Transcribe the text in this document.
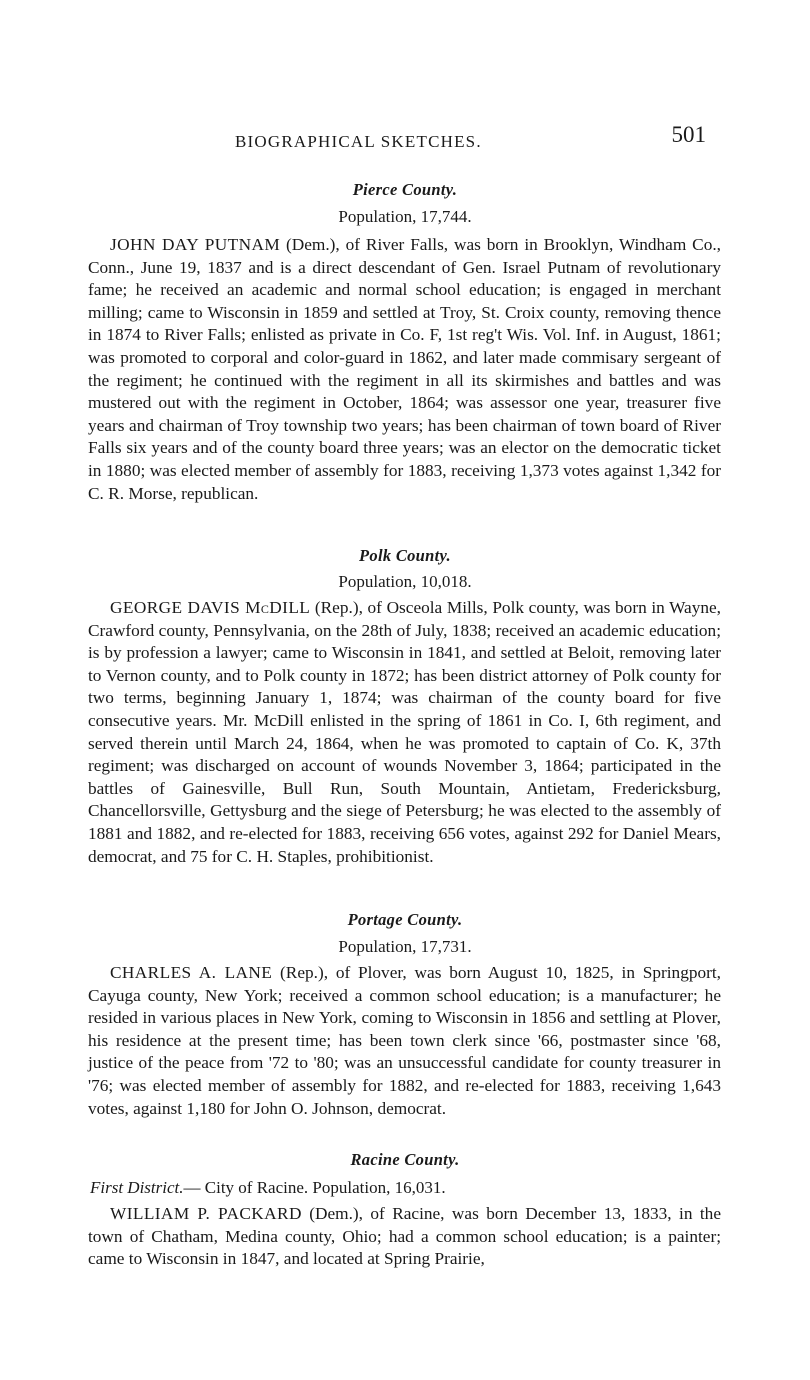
BIOGRAPHICAL SKETCHES.	501
Pierce County.
Population, 17,744.

JOHN DAY PUTNAM (Dem.), of River Falls, was born in Brooklyn, Windham Co., Conn., June 19, 1837 and is a direct descendant of Gen. Israel Putnam of revolutionary fame; he received an academic and normal school education; is engaged in merchant milling; came to Wisconsin in 1859 and settled at Troy, St. Croix county, removing thence in 1874 to River Falls; enlisted as private in Co. F, 1st reg't Wis. Vol. Inf. in August, 1861; was promoted to corporal and color-guard in 1862, and later made commisary sergeant of the regiment; he continued with the regiment in all its skirmishes and battles and was mustered out with the regiment in October, 1864; was assessor one year, treasurer five years and chairman of Troy township two years; has been chairman of town board of River Falls six years and of the county board three years; was an elector on the democratic ticket in 1880; was elected member of assembly for 1883, receiving 1,373 votes against 1,342 for C. R. Morse, republican.

Polk County.
Population, 10,018.

GEORGE DAVIS McDILL (Rep.), of Osceola Mills, Polk county, was born in Wayne, Crawford county, Pennsylvania, on the 28th of July, 1838; received an academic education; is by profession a lawyer; came to Wisconsin in 1841, and settled at Beloit, removing later to Vernon county, and to Polk county in 1872; has been district attorney of Polk county for two terms, beginning January 1, 1874; was chairman of the county board for five consecutive years. Mr. McDill enlisted in the spring of 1861 in Co. I, 6th regiment, and served therein until March 24, 1864, when he was promoted to captain of Co. K, 37th regiment; was discharged on account of wounds November 3, 1864; participated in the battles of Gainesville, Bull Run, South Mountain, Antietam, Fredericksburg, Chancellorsville, Gettysburg and the siege of Petersburg; he was elected to the assembly of 1881 and 1882, and re-elected for 1883, receiving 656 votes, against 292 for Daniel Mears, democrat, and 75 for C. H. Staples, prohibitionist.

Portage County.
Population, 17,731.

CHARLES A. LANE (Rep.), of Plover, was born August 10, 1825, in Springport, Cayuga county, New York; received a common school education; is a manufacturer; he resided in various places in New York, coming to Wisconsin in 1856 and settling at Plover, his residence at the present time; has been town clerk since '66, postmaster since '68, justice of the peace from '72 to '80; was an unsuccessful candidate for county treasurer in '76; was elected member of assembly for 1882, and re-elected for 1883, receiving 1,643 votes, against 1,180 for John O. Johnson, democrat.

Racine County.
First District.— City of Racine. Population, 16,031.

WILLIAM P. PACKARD (Dem.), of Racine, was born December 13, 1833, in the town of Chatham, Medina county, Ohio; had a common school education; is a painter; came to Wisconsin in 1847, and located at Spring Prairie,
